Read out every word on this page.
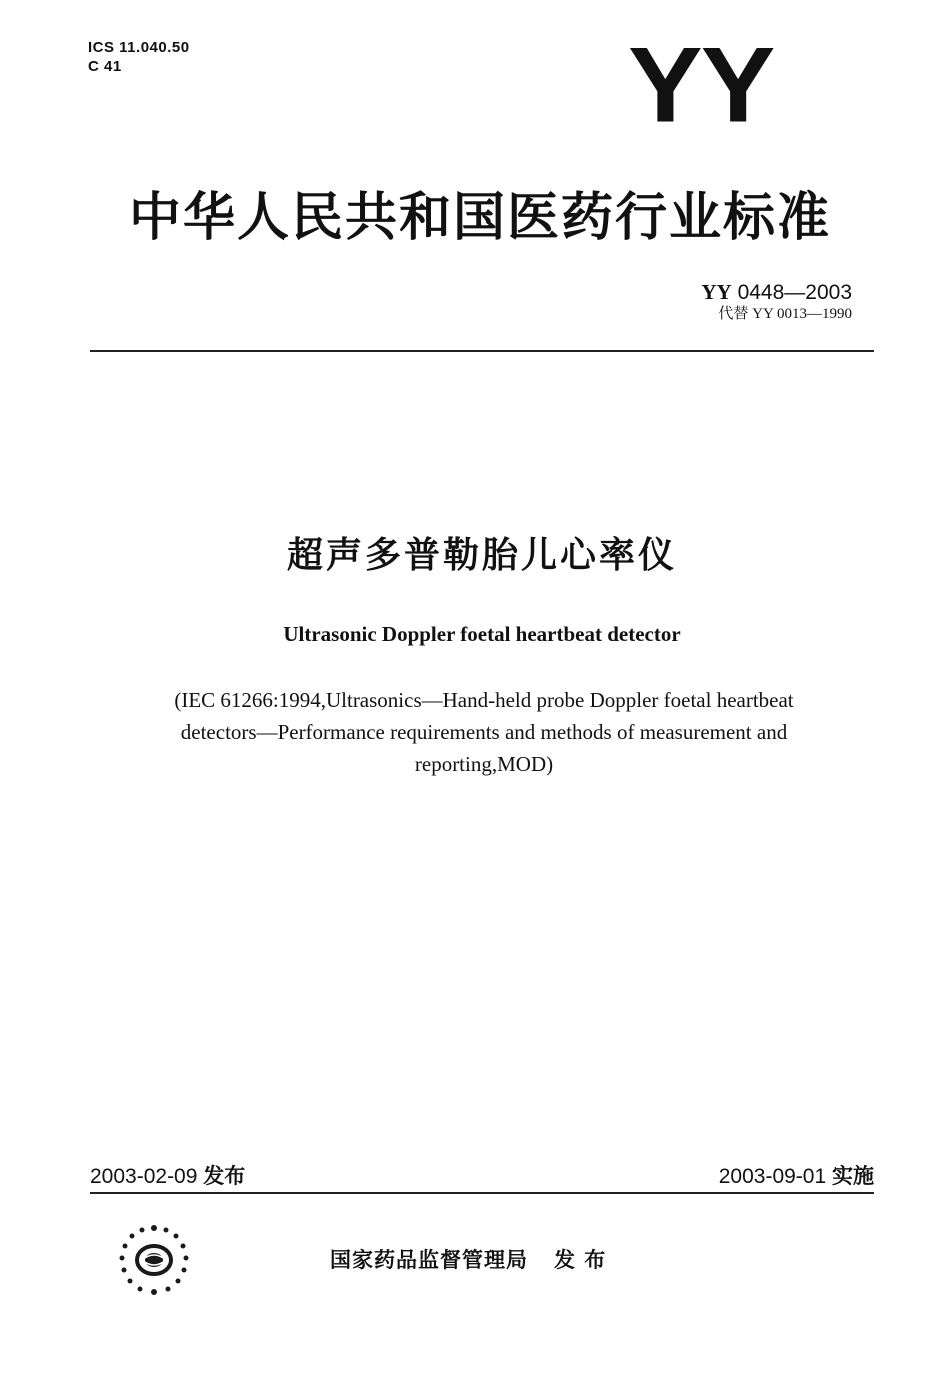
ICS 11.040.50
C 41	YY
中华人民共和国医药行业标准
YY 0448—2003
代替 YY 0013—1990
超声多普勒胎儿心率仪
Ultrasonic Doppler foetal heartbeat detector
(IEC 61266:1994,Ultrasonics—Hand-held probe Doppler foetal heartbeat
detectors—Performance requirements and methods of measurement and
reporting,MOD)
2003-02-09 发布	2003-09-01 实施
国家药品监督管理局 发 布
